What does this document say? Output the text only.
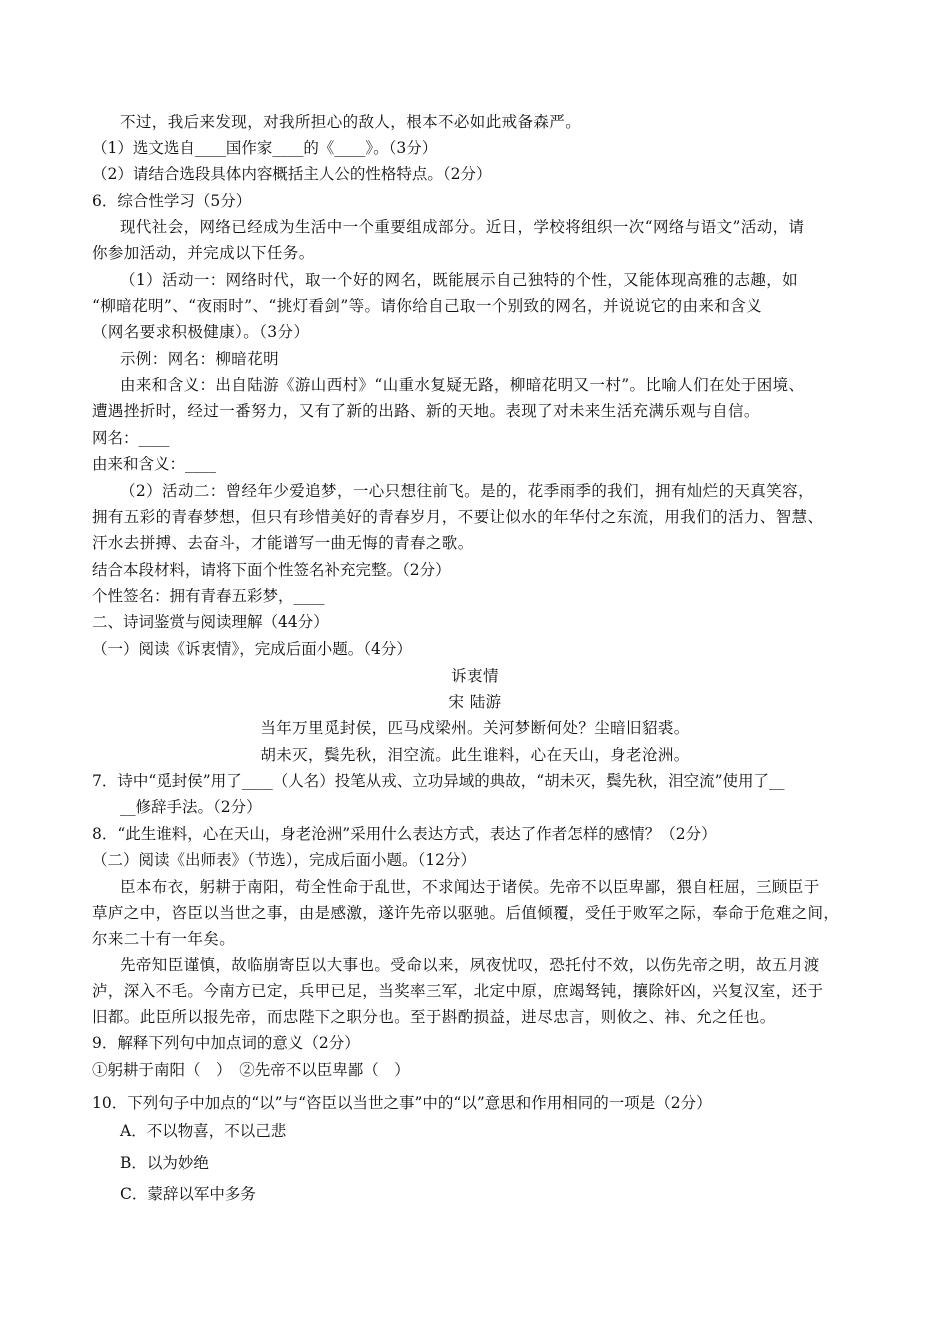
不过，我后来发现，对我所担心的敌人，根本不必如此戒备森严。
（1）选文选自____国作家____的《____》。（3分）
（2）请结合选段具体内容概括主人公的性格特点。（2分）
6．综合性学习（5分）
现代社会，网络已经成为生活中一个重要组成部分。近日，学校将组织一次“网络与语文”活动，请
你参加活动，并完成以下任务。
（1）活动一：网络时代，取一个好的网名，既能展示自己独特的个性，又能体现高雅的志趣，如
“柳暗花明”、“夜雨时”、“挑灯看剑”等。请你给自己取一个别致的网名，并说说它的由来和含义
（网名要求积极健康）。（3分）
示例：网名：柳暗花明
由来和含义：出自陆游《游山西村》“山重水复疑无路，柳暗花明又一村”。比喻人们在处于困境、
遭遇挫折时，经过一番努力，又有了新的出路、新的天地。表现了对未来生活充满乐观与自信。
网名：____
由来和含义：____
（2）活动二：曾经年少爱追梦，一心只想往前飞。是的，花季雨季的我们，拥有灿烂的天真笑容，
拥有五彩的青春梦想，但只有珍惜美好的青春岁月，不要让似水的年华付之东流，用我们的活力、智慧、
汗水去拼搏、去奋斗，才能谱写一曲无悔的青春之歌。
结合本段材料，请将下面个性签名补充完整。（2分）
个性签名：拥有青春五彩梦，____
二、诗词鉴赏与阅读理解（44分）
（一）阅读《诉衷情》，完成后面小题。（4分）
诉衷情
宋 陆游
当年万里觅封侯，匹马戍梁州。关河梦断何处？尘暗旧貂裘。
胡未灭，鬓先秋，泪空流。此生谁料，心在天山，身老沧洲。
7．诗中“觅封侯”用了____（人名）投笔从戎、立功异域的典故，“胡未灭，鬓先秋，泪空流”使用了__
__修辞手法。（2分）
8．“此生谁料，心在天山，身老沧洲”采用什么表达方式，表达了作者怎样的感情？（2分）
（二）阅读《出师表》（节选），完成后面小题。（12分）
臣本布衣，躬耕于南阳，苟全性命于乱世，不求闻达于诸侯。先帝不以臣卑鄙，猥自枉屈，三顾臣于
草庐之中，咨臣以当世之事，由是感激，遂许先帝以驱驰。后值倾覆，受任于败军之际，奉命于危难之间，
尔来二十有一年矣。
先帝知臣谨慎，故临崩寄臣以大事也。受命以来，夙夜忧叹，恐托付不效，以伤先帝之明，故五月渡
泸，深入不毛。今南方已定，兵甲已足，当奖率三军，北定中原，庶竭驽钝，攘除奸凶，兴复汉室，还于
旧都。此臣所以报先帝，而忠陛下之职分也。至于斟酌损益，进尽忠言，则攸之、祎、允之任也。
9．解释下列句中加点词的意义（2分）
①躬耕于南阳（　）　②先帝不以臣卑鄙（　）
10．下列句子中加点的“以”与“咨臣以当世之事”中的“以”意思和作用相同的一项是（2分）
A．不以物喜，不以己悲
B．以为妙绝
C．蒙辞以军中多务
